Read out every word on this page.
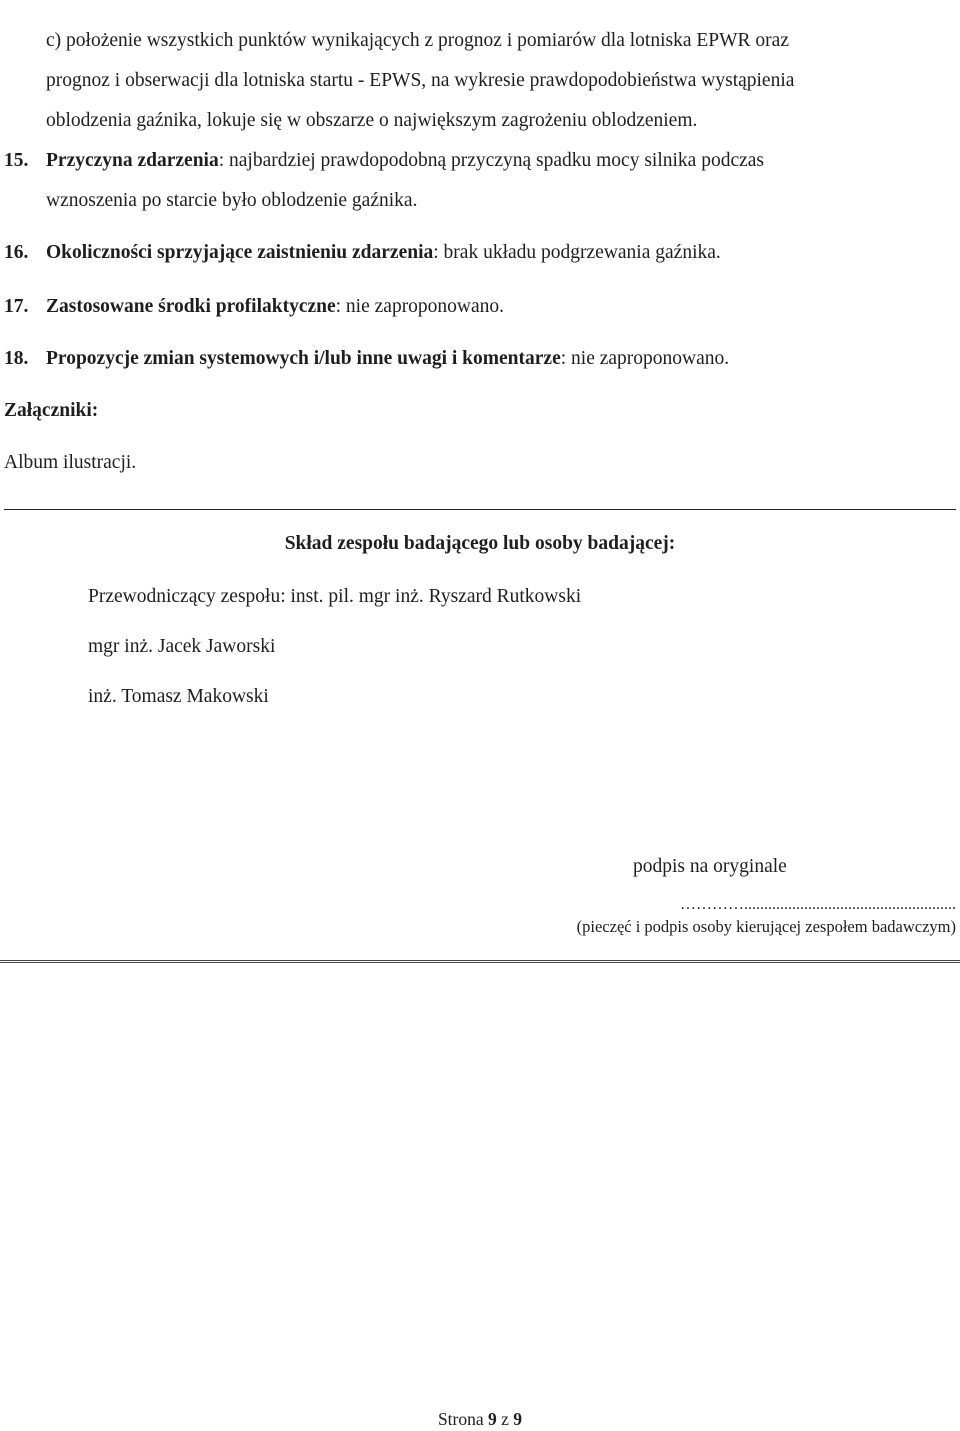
c) położenie wszystkich punktów wynikających z prognoz i pomiarów dla lotniska EPWR oraz
prognoz i obserwacji dla lotniska startu - EPWS, na wykresie prawdopodobieństwa wystąpienia
oblodzenia gaźnika, lokuje się w obszarze o największym zagrożeniu oblodzeniem.
15. Przyczyna zdarzenia: najbardziej prawdopodobną przyczyną spadku mocy silnika podczas
wznoszenia po starcie było oblodzenie gaźnika.
16. Okoliczności sprzyjające zaistnieniu zdarzenia: brak układu podgrzewania gaźnika.
17. Zastosowane środki profilaktyczne: nie zaproponowano.
18. Propozycje zmian systemowych i/lub inne uwagi i komentarze: nie zaproponowano.
Załączniki:
Album ilustracji.
Skład zespołu badającego lub osoby badającej:
Przewodniczący zespołu: inst. pil. mgr inż. Ryszard Rutkowski
mgr inż. Jacek Jaworski
inż. Tomasz Makowski
podpis na oryginale
………….....................................................
(pieczęć i podpis osoby kierującej zespołem badawczym)
Strona 9 z 9
